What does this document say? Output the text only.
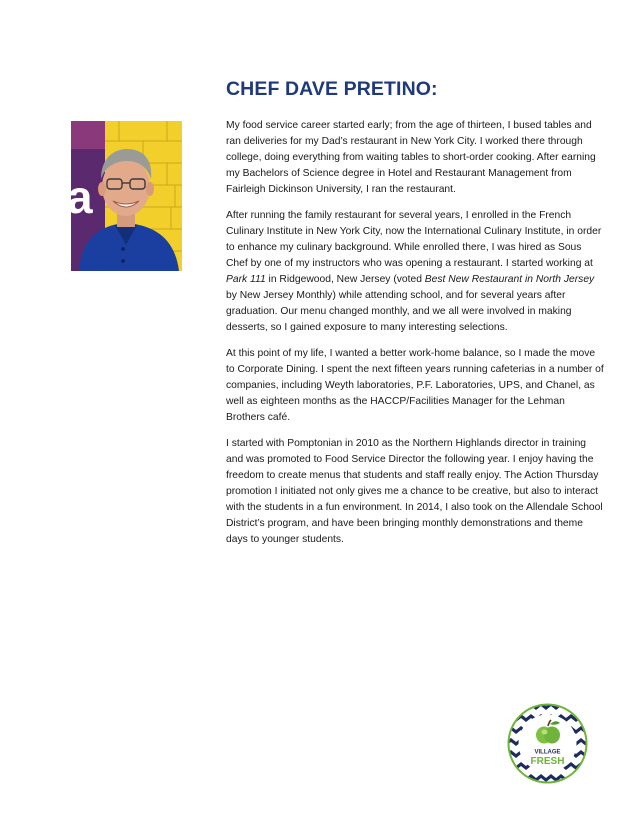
a
CHEF DAVE PRETINO:

My food service career started early; from the age of thirteen, I bused tables and ran deliveries for my Dad’s restaurant in New York City. I worked there through college, doing everything from waiting tables to short-order cooking. After earning my Bachelors of Science degree in Hotel and Restaurant Management from Fairleigh Dickinson University, I ran the restaurant.

After running the family restaurant for several years, I enrolled in the French Culinary Institute in New York City, now the International Culinary Institute, in order to enhance my culinary background. While enrolled there, I was hired as Sous Chef by one of my instructors who was opening a restaurant. I started working at Park 111 in Ridgewood, New Jersey (voted Best New Restaurant in North Jersey by New Jersey Monthly) while attending school, and for several years after graduation. Our menu changed monthly, and we all were involved in making desserts, so I gained exposure to many interesting selections.

At this point of my life, I wanted a better work-home balance, so I made the move to Corporate Dining. I spent the next fifteen years running cafeterias in a number of companies, including Weyth laboratories, P.F. Laboratories, UPS, and Chanel, as well as eighteen months as the HACCP/Facilities Manager for the Lehman Brothers café.

I started with Pomptonian in 2010 as the Northern Highlands director in training and was promoted to Food Service Director the following year. I enjoy having the freedom to create menus that students and staff really enjoy. The Action Thursday promotion I initiated not only gives me a chance to be creative, but also to interact with the students in a fun environment. In 2014, I also took on the Allendale School District’s program, and have been bringing monthly demonstrations and theme days to younger students.

VILLAGE
FRESH
